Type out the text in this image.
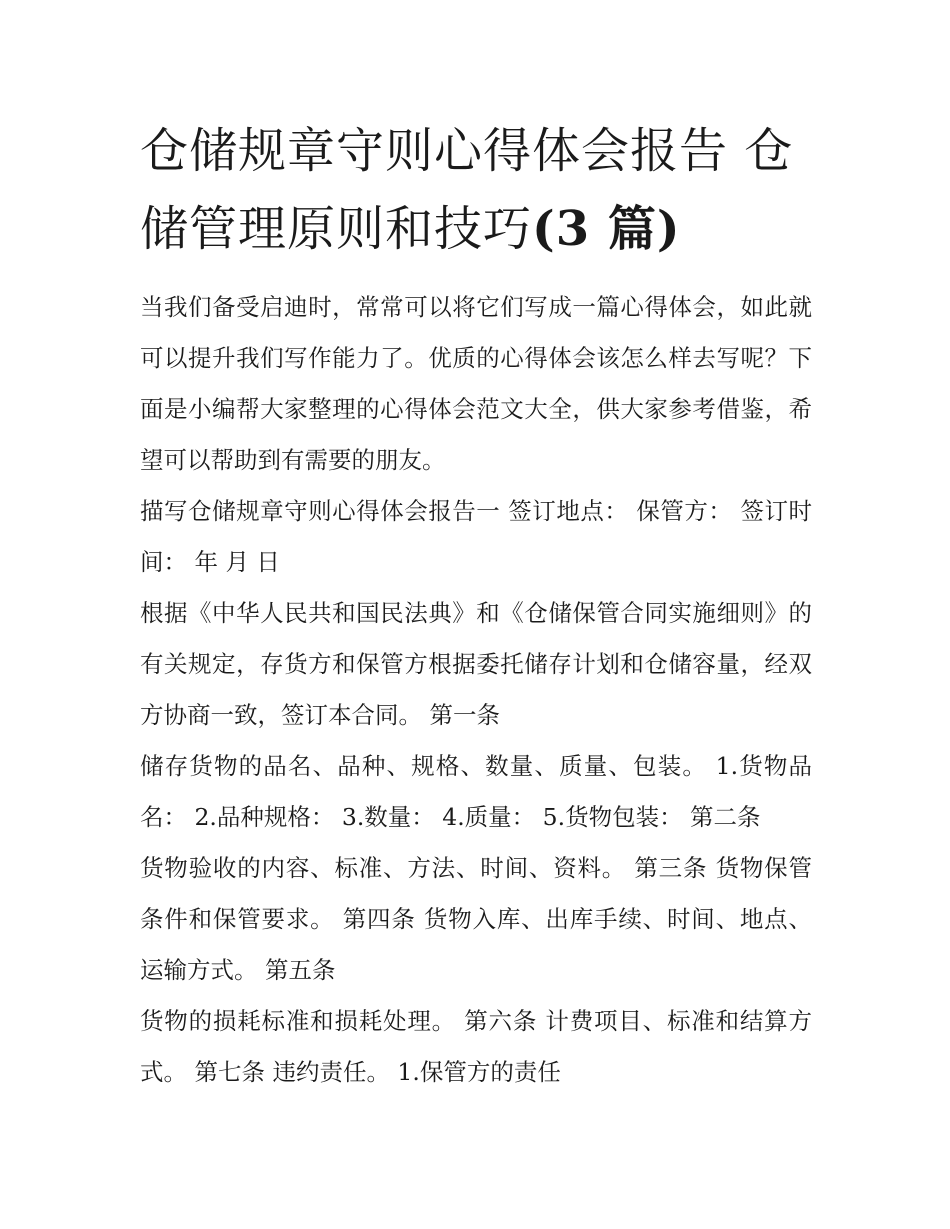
仓储规章守则心得体会报告 仓储管理原则和技巧(3 篇)

当我们备受启迪时，常常可以将它们写成一篇心得体会，如此就可以提升我们写作能力了。优质的心得体会该怎么样去写呢？下面是小编帮大家整理的心得体会范文大全，供大家参考借鉴，希望可以帮助到有需要的朋友。

描写仓储规章守则心得体会报告一 签订地点： 保管方： 签订时间： 年 月 日

根据《中华人民共和国民法典》和《仓储保管合同实施细则》的有关规定，存货方和保管方根据委托储存计划和仓储容量，经双方协商一致，签订本合同。 第一条

储存货物的品名、品种、规格、数量、质量、包装。 1.货物品名： 2.品种规格： 3.数量： 4.质量： 5.货物包装： 第二条

货物验收的内容、标准、方法、时间、资料。 第三条 货物保管条件和保管要求。 第四条 货物入库、出库手续、时间、地点、运输方式。 第五条

货物的损耗标准和损耗处理。 第六条 计费项目、标准和结算方式。 第七条 违约责任。 1.保管方的责任
